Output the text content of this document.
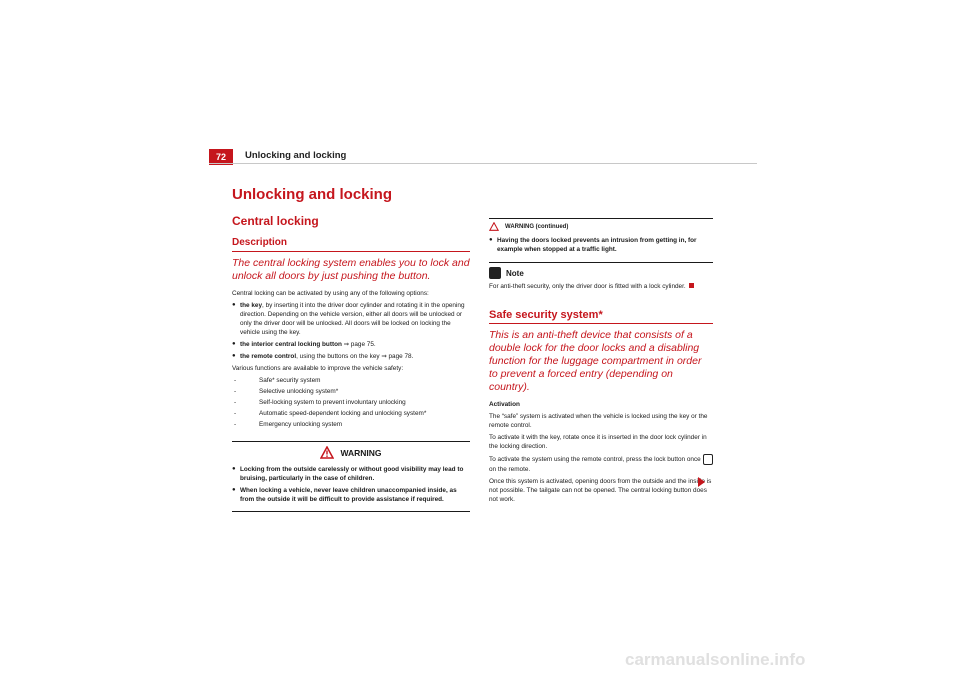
72	Unlocking and locking
Unlocking and locking
Central locking
Description
The central locking system enables you to lock and unlock all doors by just pushing the button.

Central locking can be activated by using any of the following options:

● the key, by inserting it into the driver door cylinder and rotating it in the opening direction. Depending on the vehicle version, either all doors will be unlocked or only the driver door will be unlocked. All doors will be locked on locking the vehicle using the key.

● the interior central locking button ⇒ page 75.

● the remote control, using the buttons on the key ⇒ page 78.

Various functions are available to improve the vehicle safety:

- Safe* security system

- Selective unlocking system*

- Self-locking system to prevent involuntary unlocking

- Automatic speed-dependent locking and unlocking system*

- Emergency unlocking system

WARNING

● Locking from the outside carelessly or without good visibility may lead to bruising, particularly in the case of children.

● When locking a vehicle, never leave children unaccompanied inside, as from the outside it will be difficult to provide assistance if required.

WARNING (continued)

● Having the doors locked prevents an intrusion from getting in, for example when stopped at a traffic light.

Note

For anti-theft security, only the driver door is fitted with a lock cylinder.

Safe security system*
This is an anti-theft device that consists of a double lock for the door locks and a disabling function for the luggage compartment in order to prevent a forced entry (depending on country).

Activation

The “safe” system is activated when the vehicle is locked using the key or the remote control.

To activate it with the key, rotate once it is inserted in the door lock cylinder in the locking direction.

To activate the system using the remote control, press the lock button once  on the remote.

Once this system is activated, opening doors from the outside and the inside is not possible. The tailgate can not be opened. The central locking button does not work.

carmanualsonline.info
